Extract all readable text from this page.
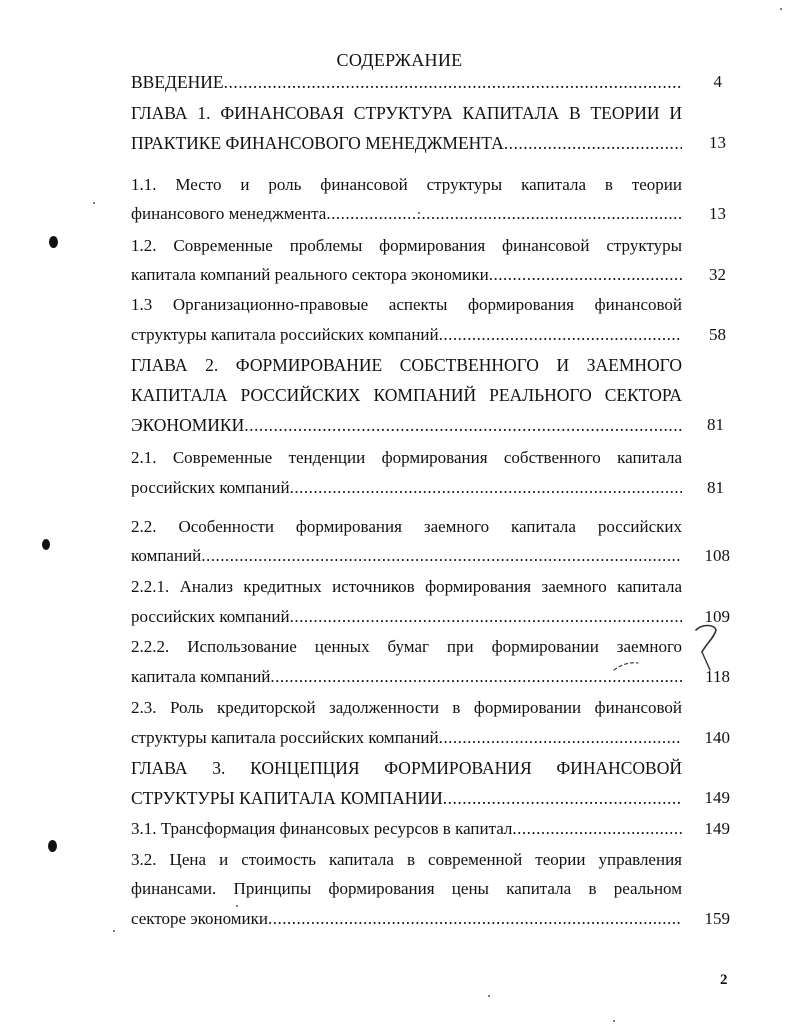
СОДЕРЖАНИЕ
ВВЕДЕНИЕ .....	4
ГЛАВА 1. ФИНАНСОВАЯ СТРУКТУРА КАПИТАЛА В ТЕОРИИ И
ПРАКТИКЕ ФИНАНСОВОГО МЕНЕДЖМЕНТА .....	13
1.1. Место и роль финансовой структуры капитала в теории
финансового менеджмента .....	13
1.2. Современные проблемы формирования финансовой структуры
капитала компаний реального сектора экономики .....	32
1.3 Организационно-правовые аспекты формирования финансовой
структуры капитала российских компаний .....	58
ГЛАВА 2. ФОРМИРОВАНИЕ СОБСТВЕННОГО И ЗАЕМНОГО
КАПИТАЛА РОССИЙСКИХ КОМПАНИЙ РЕАЛЬНОГО СЕКТОРА
ЭКОНОМИКИ .....	81
2.1. Современные тенденции формирования собственного капитала
российских компаний .....	81
2.2. Особенности формирования заемного капитала российских
компаний .....	108
2.2.1. Анализ кредитных источников формирования заемного капитала
российских компаний .....	109
2.2.2. Использование ценных бумаг при формировании заемного
капитала компаний .....	118
2.3. Роль кредиторской задолженности в формировании финансовой
структуры капитала российских компаний .....	140
ГЛАВА 3. КОНЦЕПЦИЯ ФОРМИРОВАНИЯ ФИНАНСОВОЙ
СТРУКТУРЫ КАПИТАЛА КОМПАНИИ .....	149
3.1. Трансформация финансовых ресурсов в капитал .....	149
3.2. Цена и стоимость капитала в современной теории управления
финансами. Принципы формирования цены капитала в реальном
секторе экономики .....	159
2
